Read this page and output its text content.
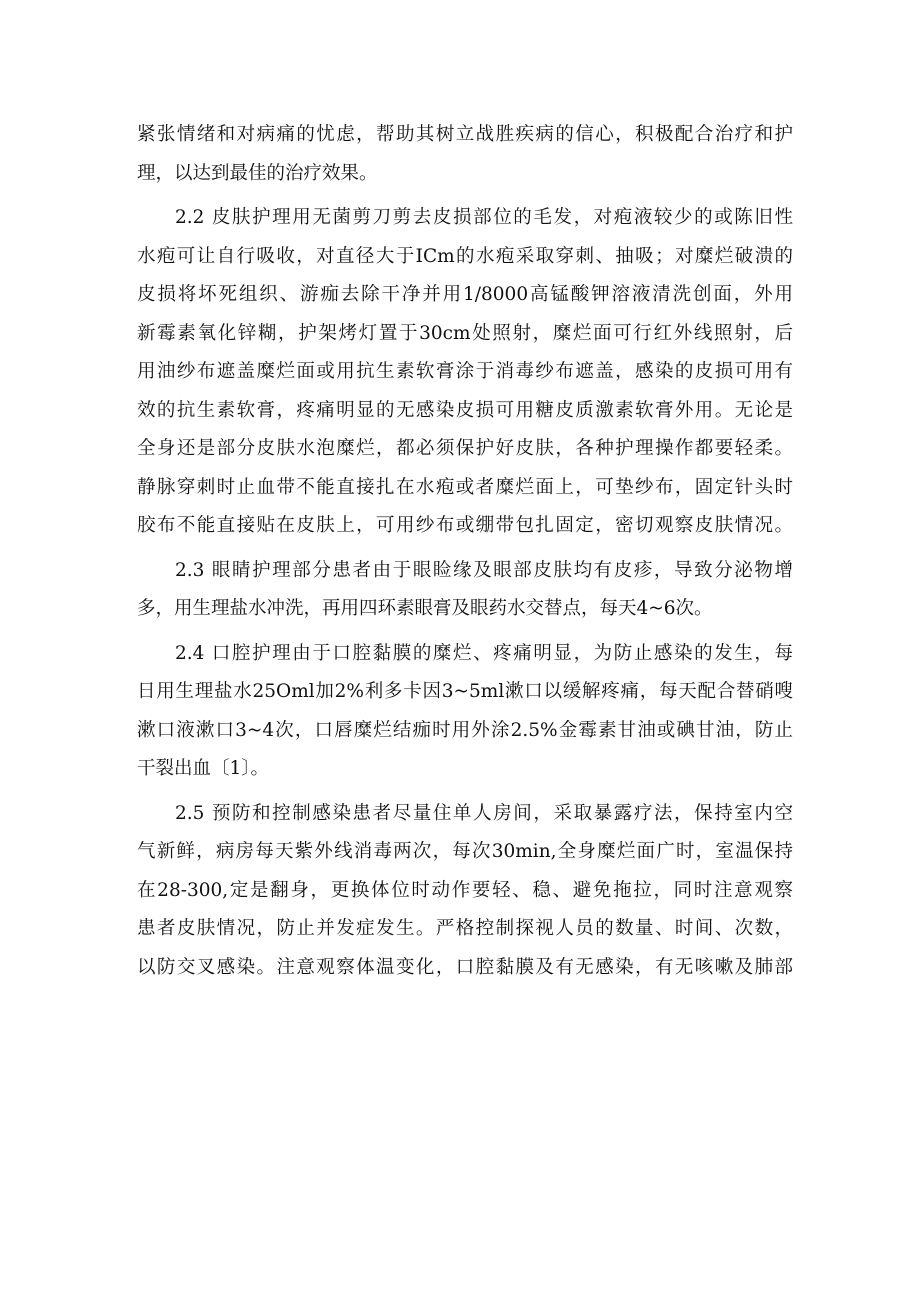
紧张情绪和对病痛的忧虑，帮助其树立战胜疾病的信心，积极配合治疗和护
理，以达到最佳的治疗效果。
2.2 皮肤护理用无菌剪刀剪去皮损部位的毛发，对疱液较少的或陈旧性
水疱可让自行吸收，对直径大于ICm的水疱采取穿刺、抽吸；对糜烂破溃的
皮损将坏死组织、游痂去除干净并用1/8000高锰酸钾溶液清洗创面，外用
新霉素氧化锌糊，护架烤灯置于30cm处照射，糜烂面可行红外线照射，后
用油纱布遮盖糜烂面或用抗生素软膏涂于消毒纱布遮盖，感染的皮损可用有
效的抗生素软膏，疼痛明显的无感染皮损可用糖皮质激素软膏外用。无论是
全身还是部分皮肤水泡糜烂，都必须保护好皮肤，各种护理操作都要轻柔。
静脉穿刺时止血带不能直接扎在水疱或者糜烂面上，可垫纱布，固定针头时
胶布不能直接贴在皮肤上，可用纱布或绷带包扎固定，密切观察皮肤情况。
2.3 眼睛护理部分患者由于眼睑缘及眼部皮肤均有皮疹，导致分泌物增
多，用生理盐水冲洗，再用四环素眼膏及眼药水交替点，每天4~6次。
2.4 口腔护理由于口腔黏膜的糜烂、疼痛明显，为防止感染的发生，每
日用生理盐水25Oml加2%利多卡因3~5ml漱口以缓解疼痛，每天配合替硝嗖
漱口液漱口3~4次，口唇糜烂结痂时用外涂2.5%金霉素甘油或碘甘油，防止
干裂出血〔1〕。
2.5 预防和控制感染患者尽量住单人房间，采取暴露疗法，保持室内空
气新鲜，病房每天紫外线消毒两次，每次30min,全身糜烂面广时，室温保持
在28-300,定是翻身，更换体位时动作要轻、稳、避免拖拉，同时注意观察
患者皮肤情况，防止并发症发生。严格控制探视人员的数量、时间、次数，
以防交叉感染。注意观察体温变化，口腔黏膜及有无感染，有无咳嗽及肺部
